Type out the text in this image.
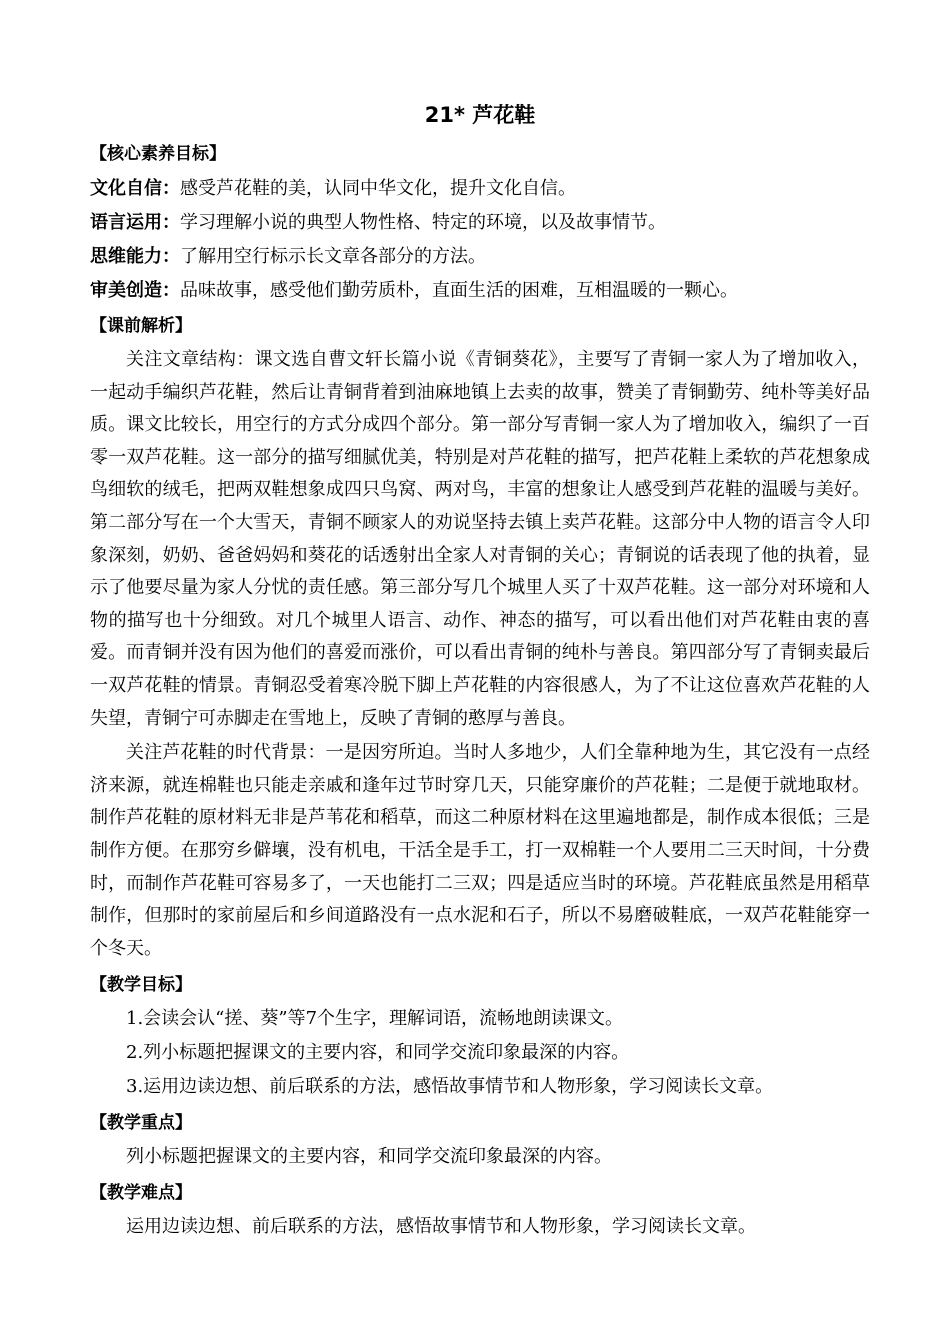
21* 芦花鞋
【核心素养目标】
文化自信：感受芦花鞋的美，认同中华文化，提升文化自信。
语言运用：学习理解小说的典型人物性格、特定的环境，以及故事情节。
思维能力：了解用空行标示长文章各部分的方法。
审美创造：品味故事，感受他们勤劳质朴，直面生活的困难，互相温暖的一颗心。
【课前解析】

关注文章结构：课文选自曹文轩长篇小说《青铜葵花》，主要写了青铜一家人为了增加收入，一起动手编织芦花鞋，然后让青铜背着到油麻地镇上去卖的故事，赞美了青铜勤劳、纯朴等美好品质。课文比较长，用空行的方式分成四个部分。第一部分写青铜一家人为了增加收入，编织了一百零一双芦花鞋。这一部分的描写细腻优美，特别是对芦花鞋的描写，把芦花鞋上柔软的芦花想象成鸟细软的绒毛，把两双鞋想象成四只鸟窝、两对鸟，丰富的想象让人感受到芦花鞋的温暖与美好。第二部分写在一个大雪天，青铜不顾家人的劝说坚持去镇上卖芦花鞋。这部分中人物的语言令人印象深刻，奶奶、爸爸妈妈和葵花的话透射出全家人对青铜的关心；青铜说的话表现了他的执着，显示了他要尽量为家人分忧的责任感。第三部分写几个城里人买了十双芦花鞋。这一部分对环境和人物的描写也十分细致。对几个城里人语言、动作、神态的描写，可以看出他们对芦花鞋由衷的喜爱。而青铜并没有因为他们的喜爱而涨价，可以看出青铜的纯朴与善良。第四部分写了青铜卖最后一双芦花鞋的情景。青铜忍受着寒冷脱下脚上芦花鞋的内容很感人，为了不让这位喜欢芦花鞋的人失望，青铜宁可赤脚走在雪地上，反映了青铜的憨厚与善良。

关注芦花鞋的时代背景：一是因穷所迫。当时人多地少，人们全靠种地为生，其它没有一点经济来源，就连棉鞋也只能走亲戚和逢年过节时穿几天，只能穿廉价的芦花鞋；二是便于就地取材。制作芦花鞋的原材料无非是芦苇花和稻草，而这二种原材料在这里遍地都是，制作成本很低；三是制作方便。在那穷乡僻壤，没有机电，干活全是手工，打一双棉鞋一个人要用二三天时间，十分费时，而制作芦花鞋可容易多了，一天也能打二三双；四是适应当时的环境。芦花鞋底虽然是用稻草制作，但那时的家前屋后和乡间道路没有一点水泥和石子，所以不易磨破鞋底，一双芦花鞋能穿一个冬天。

【教学目标】
1.会读会认“搓、葵”等7个生字，理解词语，流畅地朗读课文。
2.列小标题把握课文的主要内容，和同学交流印象最深的内容。
3.运用边读边想、前后联系的方法，感悟故事情节和人物形象，学习阅读长文章。
【教学重点】
列小标题把握课文的主要内容，和同学交流印象最深的内容。
【教学难点】
运用边读边想、前后联系的方法，感悟故事情节和人物形象，学习阅读长文章。
